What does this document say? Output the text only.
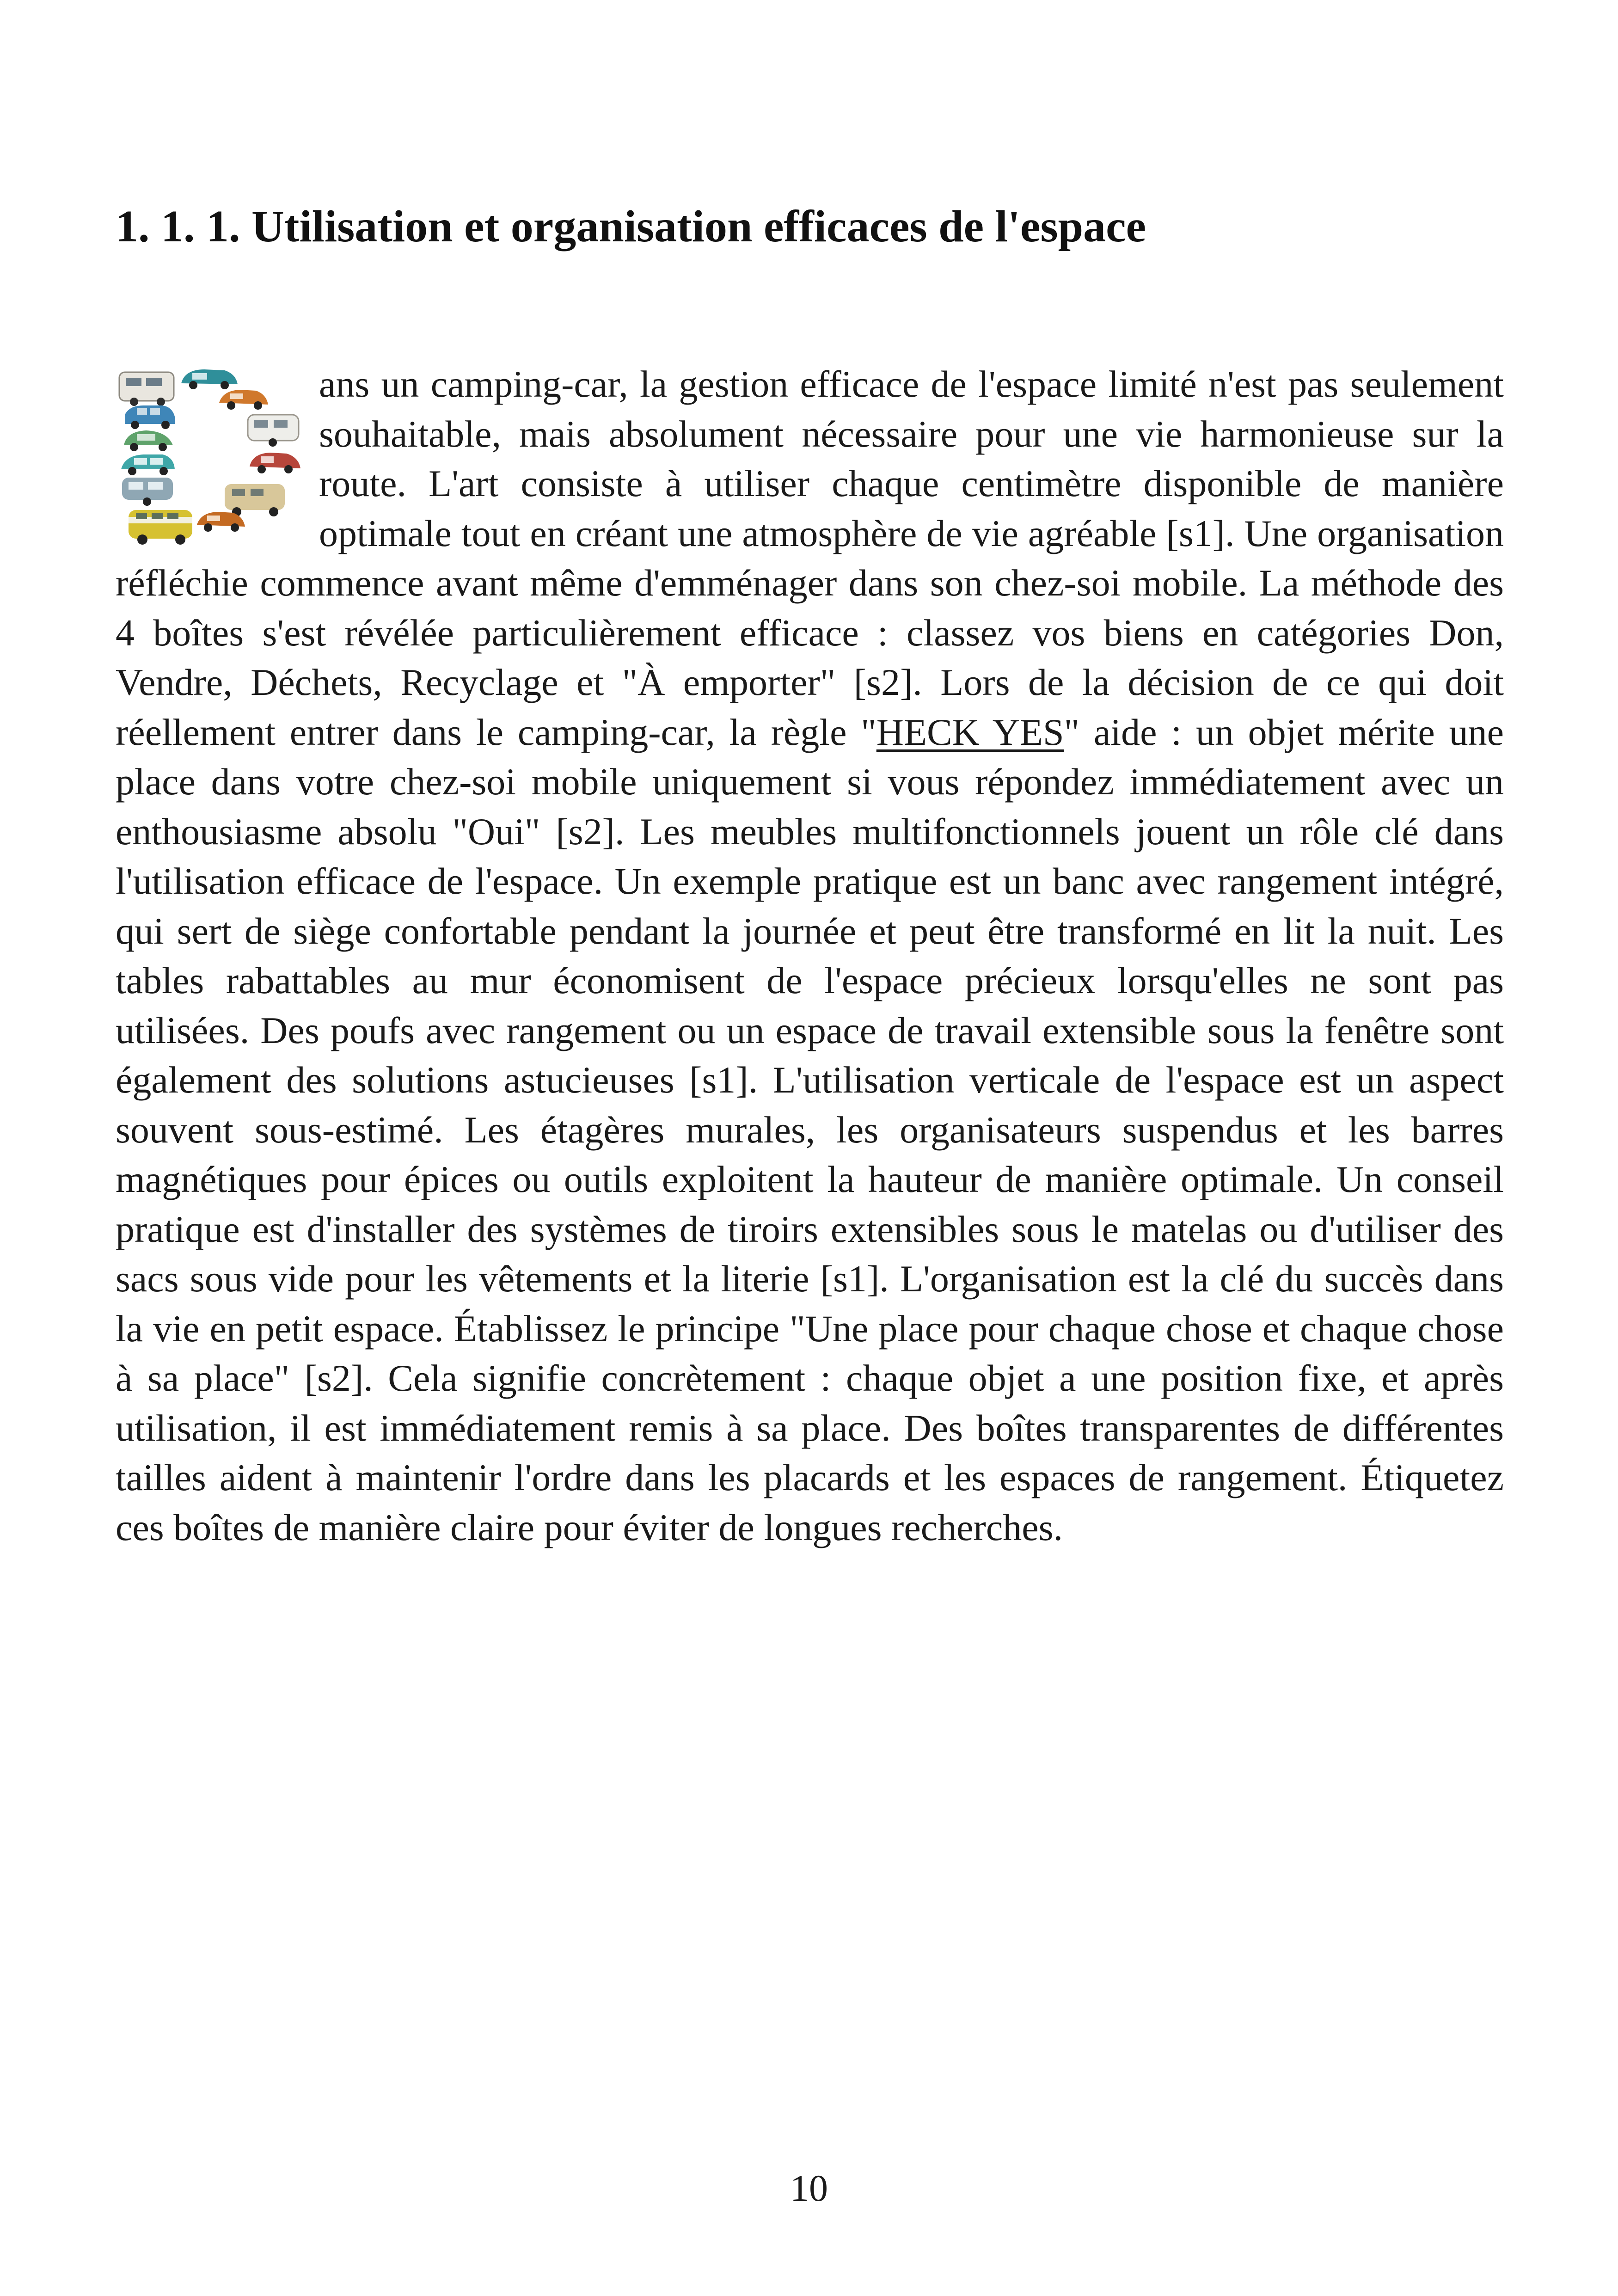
1. 1. 1. Utilisation et organisation efficaces de l'espace

ans un camping-car, la gestion efficace de l'espace limité n'est pas seulement souhaitable, mais absolument nécessaire pour une vie harmonieuse sur la route. L'art consiste à utiliser chaque centimètre disponible de manière optimale tout en créant une atmosphère de vie agréable [s1]. Une organisation réfléchie commence avant même d'emménager dans son chez-soi mobile. La méthode des 4 boîtes s'est révélée particulièrement efficace : classez vos biens en catégories Don, Vendre, Déchets, Recyclage et "À emporter" [s2]. Lors de la décision de ce qui doit réellement entrer dans le camping-car, la règle "HECK YES" aide : un objet mérite une place dans votre chez-soi mobile uniquement si vous répondez immédiatement avec un enthousiasme absolu "Oui" [s2]. Les meubles multifonctionnels jouent un rôle clé dans l'utilisation efficace de l'espace. Un exemple pratique est un banc avec rangement intégré, qui sert de siège confortable pendant la journée et peut être transformé en lit la nuit. Les tables rabattables au mur économisent de l'espace précieux lorsqu'elles ne sont pas utilisées. Des poufs avec rangement ou un espace de travail extensible sous la fenêtre sont également des solutions astucieuses [s1]. L'utilisation verticale de l'espace est un aspect souvent sous-estimé. Les étagères murales, les organisateurs suspendus et les barres magnétiques pour épices ou outils exploitent la hauteur de manière optimale. Un conseil pratique est d'installer des systèmes de tiroirs extensibles sous le matelas ou d'utiliser des sacs sous vide pour les vêtements et la literie [s1]. L'organisation est la clé du succès dans la vie en petit espace. Établissez le principe "Une place pour chaque chose et chaque chose à sa place" [s2]. Cela signifie concrètement : chaque objet a une position fixe, et après utilisation, il est immédiatement remis à sa place. Des boîtes transparentes de différentes tailles aident à maintenir l'ordre dans les placards et les espaces de rangement. Étiquetez ces boîtes de manière claire pour éviter de longues recherches.

10
